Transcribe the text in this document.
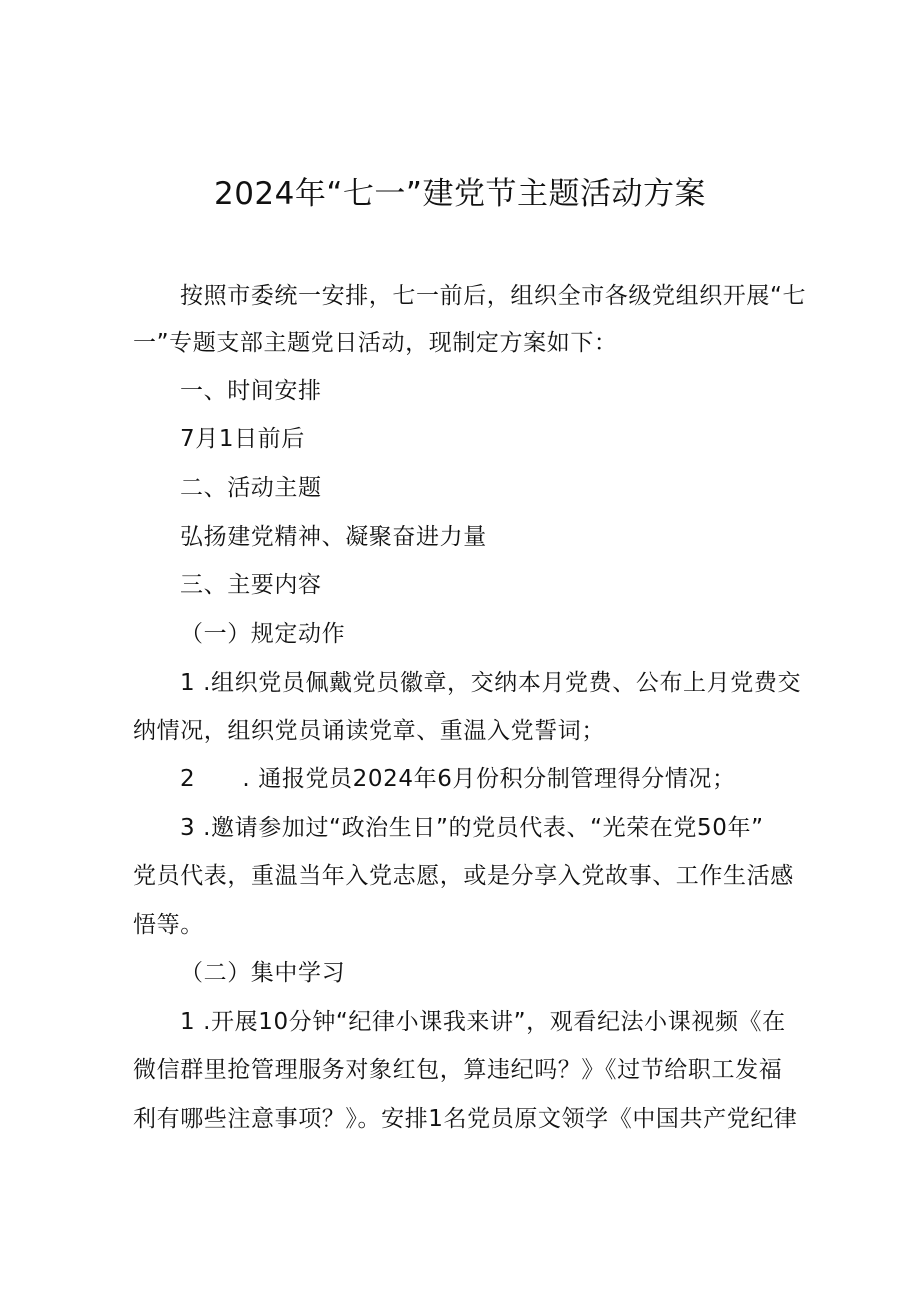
2024年“七一”建党节主题活动方案
按照市委统一安排，七一前后，组织全市各级党组织开展“七
一”专题支部主题党日活动，现制定方案如下：
一、时间安排
7月1日前后
二、活动主题
弘扬建党精神、凝聚奋进力量
三、主要内容
（一）规定动作
1 .组织党员佩戴党员徽章，交纳本月党费、公布上月党费交
纳情况，组织党员诵读党章、重温入党誓词；
2　　. 通报党员2024年6月份积分制管理得分情况；
3 .邀请参加过“政治生日”的党员代表、“光荣在党50年”
党员代表，重温当年入党志愿，或是分享入党故事、工作生活感
悟等。
（二）集中学习
1 .开展10分钟“纪律小课我来讲”，观看纪法小课视频《在
微信群里抢管理服务对象红包，算违纪吗？》《过节给职工发福
利有哪些注意事项？》。安排1名党员原文领学《中国共产党纪律
